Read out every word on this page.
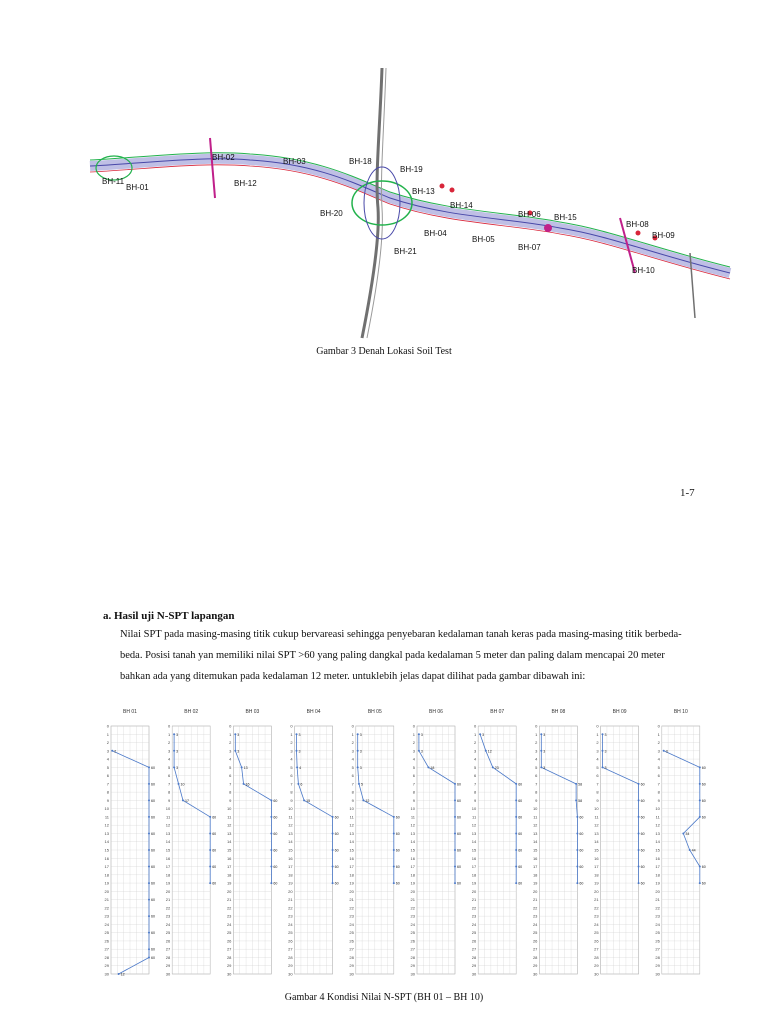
BH-02	BH-03
BH-11
BH-01	BH-12
BH-18
BH-19
BH-13
BH-14
BH-20
BH-04
BH-05
BH-06 BH-15
BH-07
BH-08
BH-09
BH-10
BH-21
Gambar 3 Denah Lokasi Soil Test
1-7
a. Hasil uji N-SPT lapangan
Nilai SPT pada masing-masing titik cukup bervareasi sehingga penyebaran kedalaman tanah keras pada masing-masing titik berbeda-
beda. Posisi tanah yan memiliki nilai SPT >60 yang paling dangkal pada kedalaman 5 meter dan paling dalam mencapai 20 meter
bahkan ada yang ditemukan pada kedalaman 12 meter. untukl​ebih jelas dapat dilihat pada gambar dibawah ini:
BH 01
0
1
2
3
4
5
6
7
8
9
10
11
12
13
14
15
16
17
18
19
20
21
22
23
24
25
26
27
28
29
30
2
60
60
60
60
60
60
60
60
60
60
60
60
60
12
BH 02
0
1
2
3
4
5
6
7
8
9
10
11
12
13
14
15
16
17
18
19
20
21
22
23
24
25
26
27
28
29
30
3
3
3
10
17
60
60
60
60
60
BH 03
0
1
2
3
4
5
6
7
8
9
10
11
12
13
14
15
16
17
18
19
20
21
22
23
24
25
26
27
28
29
30
3
3
13
16
60
60
60
60
60
60
BH 04
0
1
2
3
4
5
6
7
8
9
10
11
12
13
14
15
16
17
18
19
20
21
22
23
24
25
26
27
28
29
30
3
3
4
6
15
60
60
60
60
60
BH 05
0
1
2
3
4
5
6
7
8
9
10
11
12
13
14
15
16
17
18
19
20
21
22
23
24
25
26
27
28
29
30
3
3
3
5
12
60
60
60
60
60
BH 06
0
1
2
3
4
5
6
7
8
9
10
11
12
13
14
15
16
17
18
19
20
21
22
23
24
25
26
27
28
29
30
3
3
18
60
60
60
60
60
60
60
BH 07
0
1
2
3
4
5
6
7
8
9
10
11
12
13
14
15
16
17
18
19
20
21
22
23
24
25
26
27
28
29
30
3
12
23
60
60
60
60
60
60
60
BH 08
0
1
2
3
4
5
6
7
8
9
10
11
12
13
14
15
16
17
18
19
20
21
22
23
24
25
26
27
28
29
30
3
3
3
58
58
60
60
60
60
60
BH 09
0
1
2
3
4
5
6
7
8
9
10
11
12
13
14
15
16
17
18
19
20
21
22
23
24
25
26
27
28
29
30
3
3
3
60
60
60
60
60
60
60
BH 10
0
1
2
3
4
5
6
7
8
9
10
11
12
13
14
15
16
17
18
19
20
21
22
23
24
25
26
27
28
29
30
3
60
60
60
60
34
44
60
60
Gambar 4 Kondisi Nilai N-SPT (BH 01 – BH 10)
